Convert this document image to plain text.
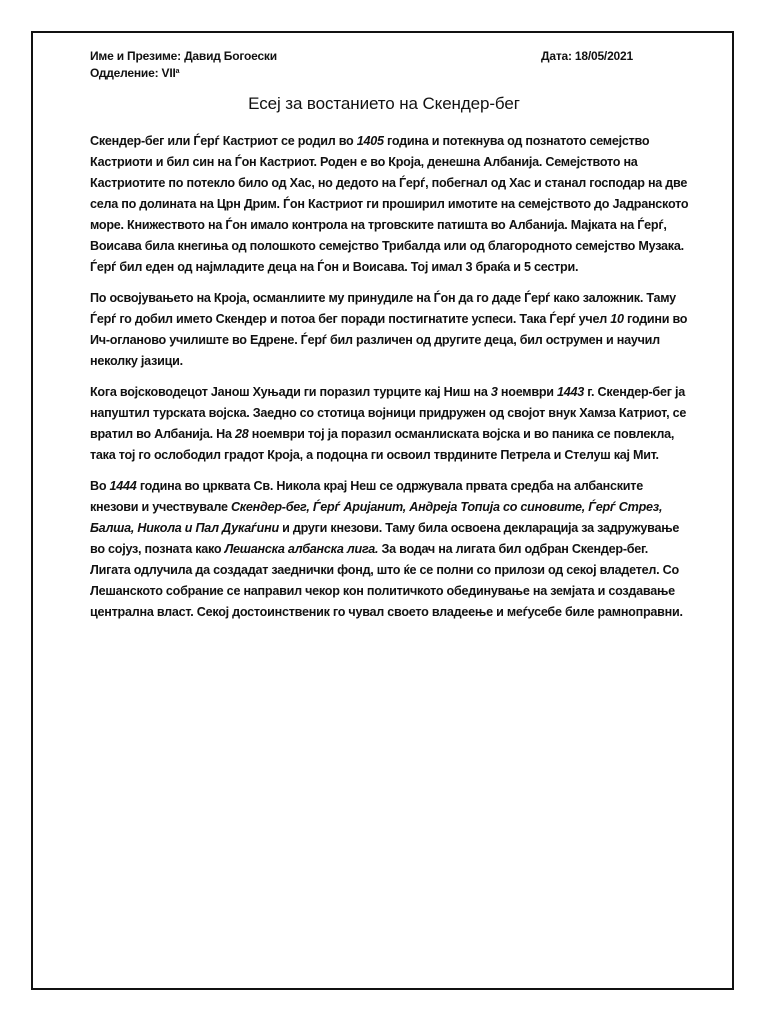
Име и Презиме: Давид Богоески
Одделение: VII$^a$
Дата: 18/05/2021
Есеј за востанието на Скендер-бег

Скендер-бег или Ѓерѓ Кастриот се родил во 1405 година и потекнува од познатото семејство Кастриоти и бил син на Ѓон Кастриот. Роден е во Кроја, денешна Албанија. Семејството на Кастриотите по потекло било од Хас, но дедото на Ѓерѓ, побегнал од Хас и станал господар на две села по долината на Црн Дрим. Ѓон Кастриот ги проширил имотите на семејството до Јадранското море. Книжеството на Ѓон имало контрола на трговските патишта во Албанија. Мајката на Ѓерѓ, Воисава била кнегиња од полошкото семејство Трибалда или од благородното семејство Музака. Ѓерѓ бил еден од најмладите деца на Ѓон и Воисава. Тој имал 3 браќа и 5 сестри.

По освојувањето на Кроја, османлиите му принудиле на Ѓон да го даде Ѓерѓ како заложник. Таму Ѓерѓ го добил името Скендер и потоа бег поради постигнатите успеси. Така Ѓерѓ учел 10 години во Ич-огланово училиште во Едрене. Ѓерѓ бил различен од другите деца, бил острумен и научил неколку јазици.

Кога војсководецот Јанош Хуњади ги поразил турците кај Ниш на 3 ноември 1443 г. Скендер-бег ја напуштил турската војска. Заедно со стотица војници придружен од својот внук Хамза Катриот, се вратил во Албанија. На 28 ноември тој ја поразил османлиската војска и во паника се повлекла, така тој го ослободил градот Кроја, а подоцна ги освоил тврдините Петрела и Стелуш кај Мит.

Во 1444 година во црквата Св. Никола крај Неш се одржувала првата средба на албанските кнезови и учествувале Скендер-бег, Ѓерѓ Аријанит, Андреја Топија со синовите, Ѓерѓ Стрез, Балша, Никола и Пал Дукаѓини и други кнезови. Таму била освоена декларација за задружување во сојуз, позната како Лешанска албанска лига. За водач на лигата бил одбран Скендер-бег. Лигата одлучила да создадат заеднички фонд, што ќе се полни со прилози од секој владетел. Со Лешанското собрание се направил чекор кон политичкото обединување на земјата и создавање централна власт. Секој достоинственик го чувал своето владеење и меѓусебе биле рамноправни.
